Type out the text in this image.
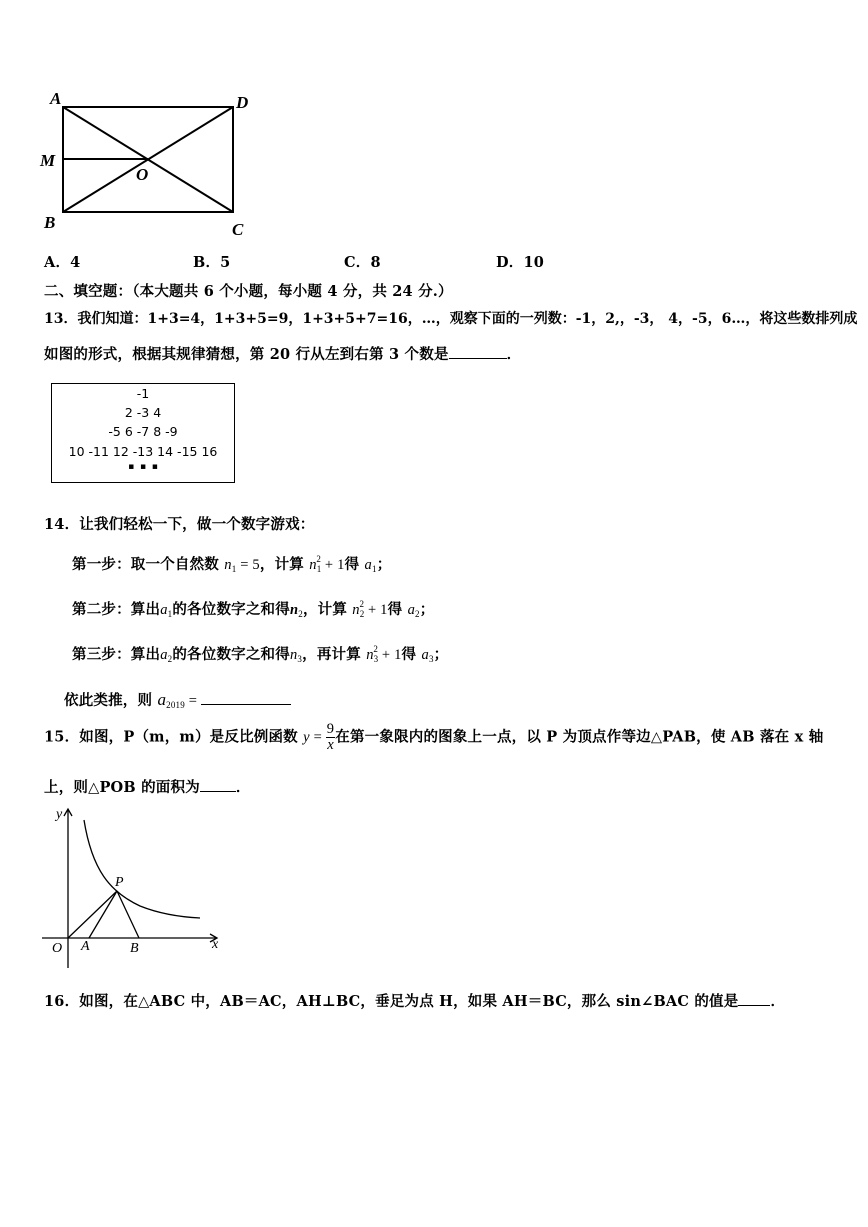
A	D
M
O
B	C
A．4	B．5	C．8	D．10
二、填空题：（本大题共 6 个小题，每小题 4 分，共 24 分.）
13．我们知道：1+3=4，1+3+5=9，1+3+5+7=16，…，观察下面的一列数：-1，2,，-3， 4，-5，6…，将这些数排列成
如图的形式，根据其规律猜想，第 20 行从左到右第 3 个数是	．
-1
2 -3 4
-5 6 -7 8 -9
10 -11 12 -13 14 -15 16
▪  ▪  ▪
14．让我们轻松一下，做一个数字游戏：
第一步：取一个自然数 $n_1 = 5$，计算 $n_1^2 + 1$得 $a_1$；
第二步：算出$a_1$的各位数字之和得$n_2$，计算 $n_2^2 + 1$得 $a_2$；
第三步：算出$a_2$的各位数字之和得$n_3$，再计算 $n_3^2 + 1$得 $a_3$；
依此类推，则 $a_{2019}$ =
15．如图，P（m，m）是反比例函数 $y = \frac{9}{x}$ 在第一象限内的图象上一点，以 P 为顶点作等边△PAB，使 AB 落在 x 轴
上，则△POB 的面积为 ．
y
x
O A	B
P
16．如图，在△ABC 中，AB＝AC，AH⊥BC，垂足为点 H，如果 AH＝BC，那么 sin∠BAC 的值是 ．
